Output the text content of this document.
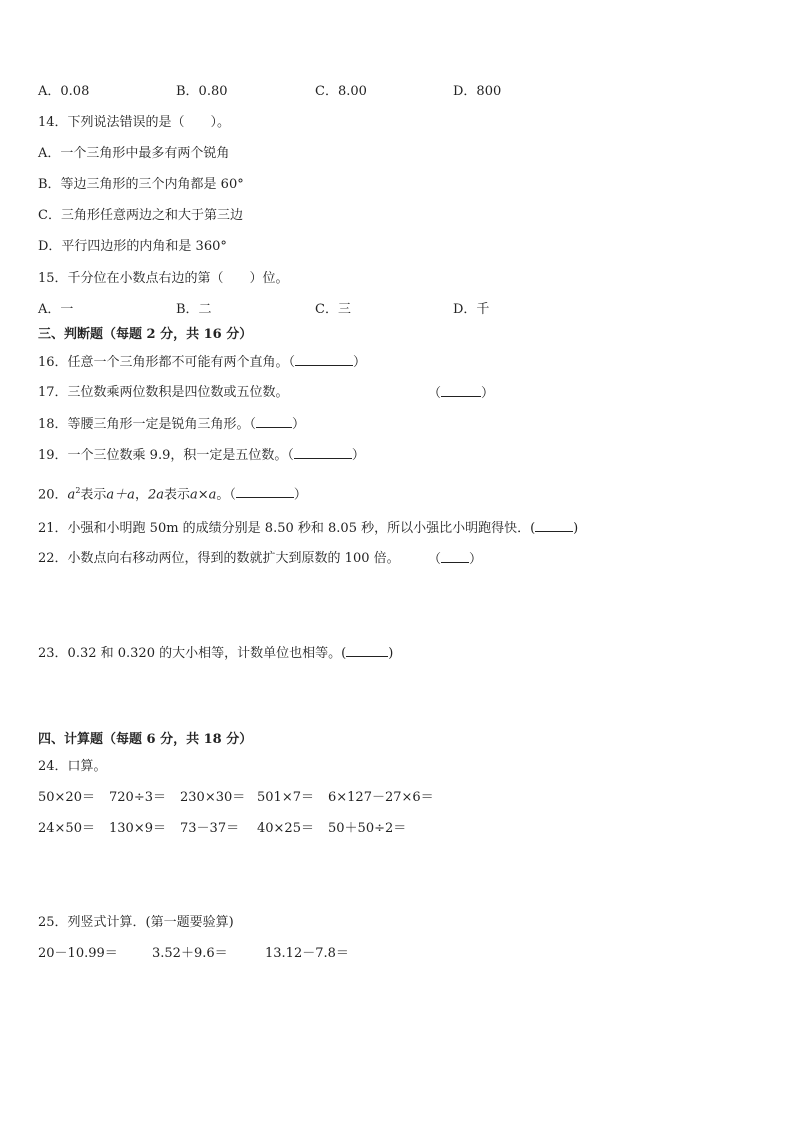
A．0.08	B．0.80	C．8.00	D．800
14．下列说法错误的是（　　）。
A．一个三角形中最多有两个锐角
B．等边三角形的三个内角都是 60°
C．三角形任意两边之和大于第三边
D．平行四边形的内角和是 360°
15．千分位在小数点右边的第（　　）位。
A．一	B．二	C．三	D．千
三、判断题（每题 2 分，共 16 分）
16．任意一个三角形都不可能有两个直角。（	）
17．三位数乘两位数积是四位数或五位数。	（	）
18．等腰三角形一定是锐角三角形。（	）
19．一个三位数乘 9.9，积一定是五位数。（	）
20．$a^2$表示a＋a，2a表示a×a。（	）
21．小强和小明跑 50m 的成绩分别是 8.50 秒和 8.05 秒，所以小强比小明跑得快．(	)
22．小数点向右移动两位，得到的数就扩大到原数的 100 倍。 （ ）
23．0.32 和 0.320 的大小相等，计数单位也相等。(	)
四、计算题（每题 6 分，共 18 分）
24．口算。
50×20＝ 720÷3＝ 230×30＝ 501×7＝ 6×127－27×6＝
24×50＝ 130×9＝ 73－37＝ 40×25＝ 50＋50÷2＝
25．列竖式计算．(第一题要验算)
20－10.99＝	3.52＋9.6＝	13.12－7.8＝
